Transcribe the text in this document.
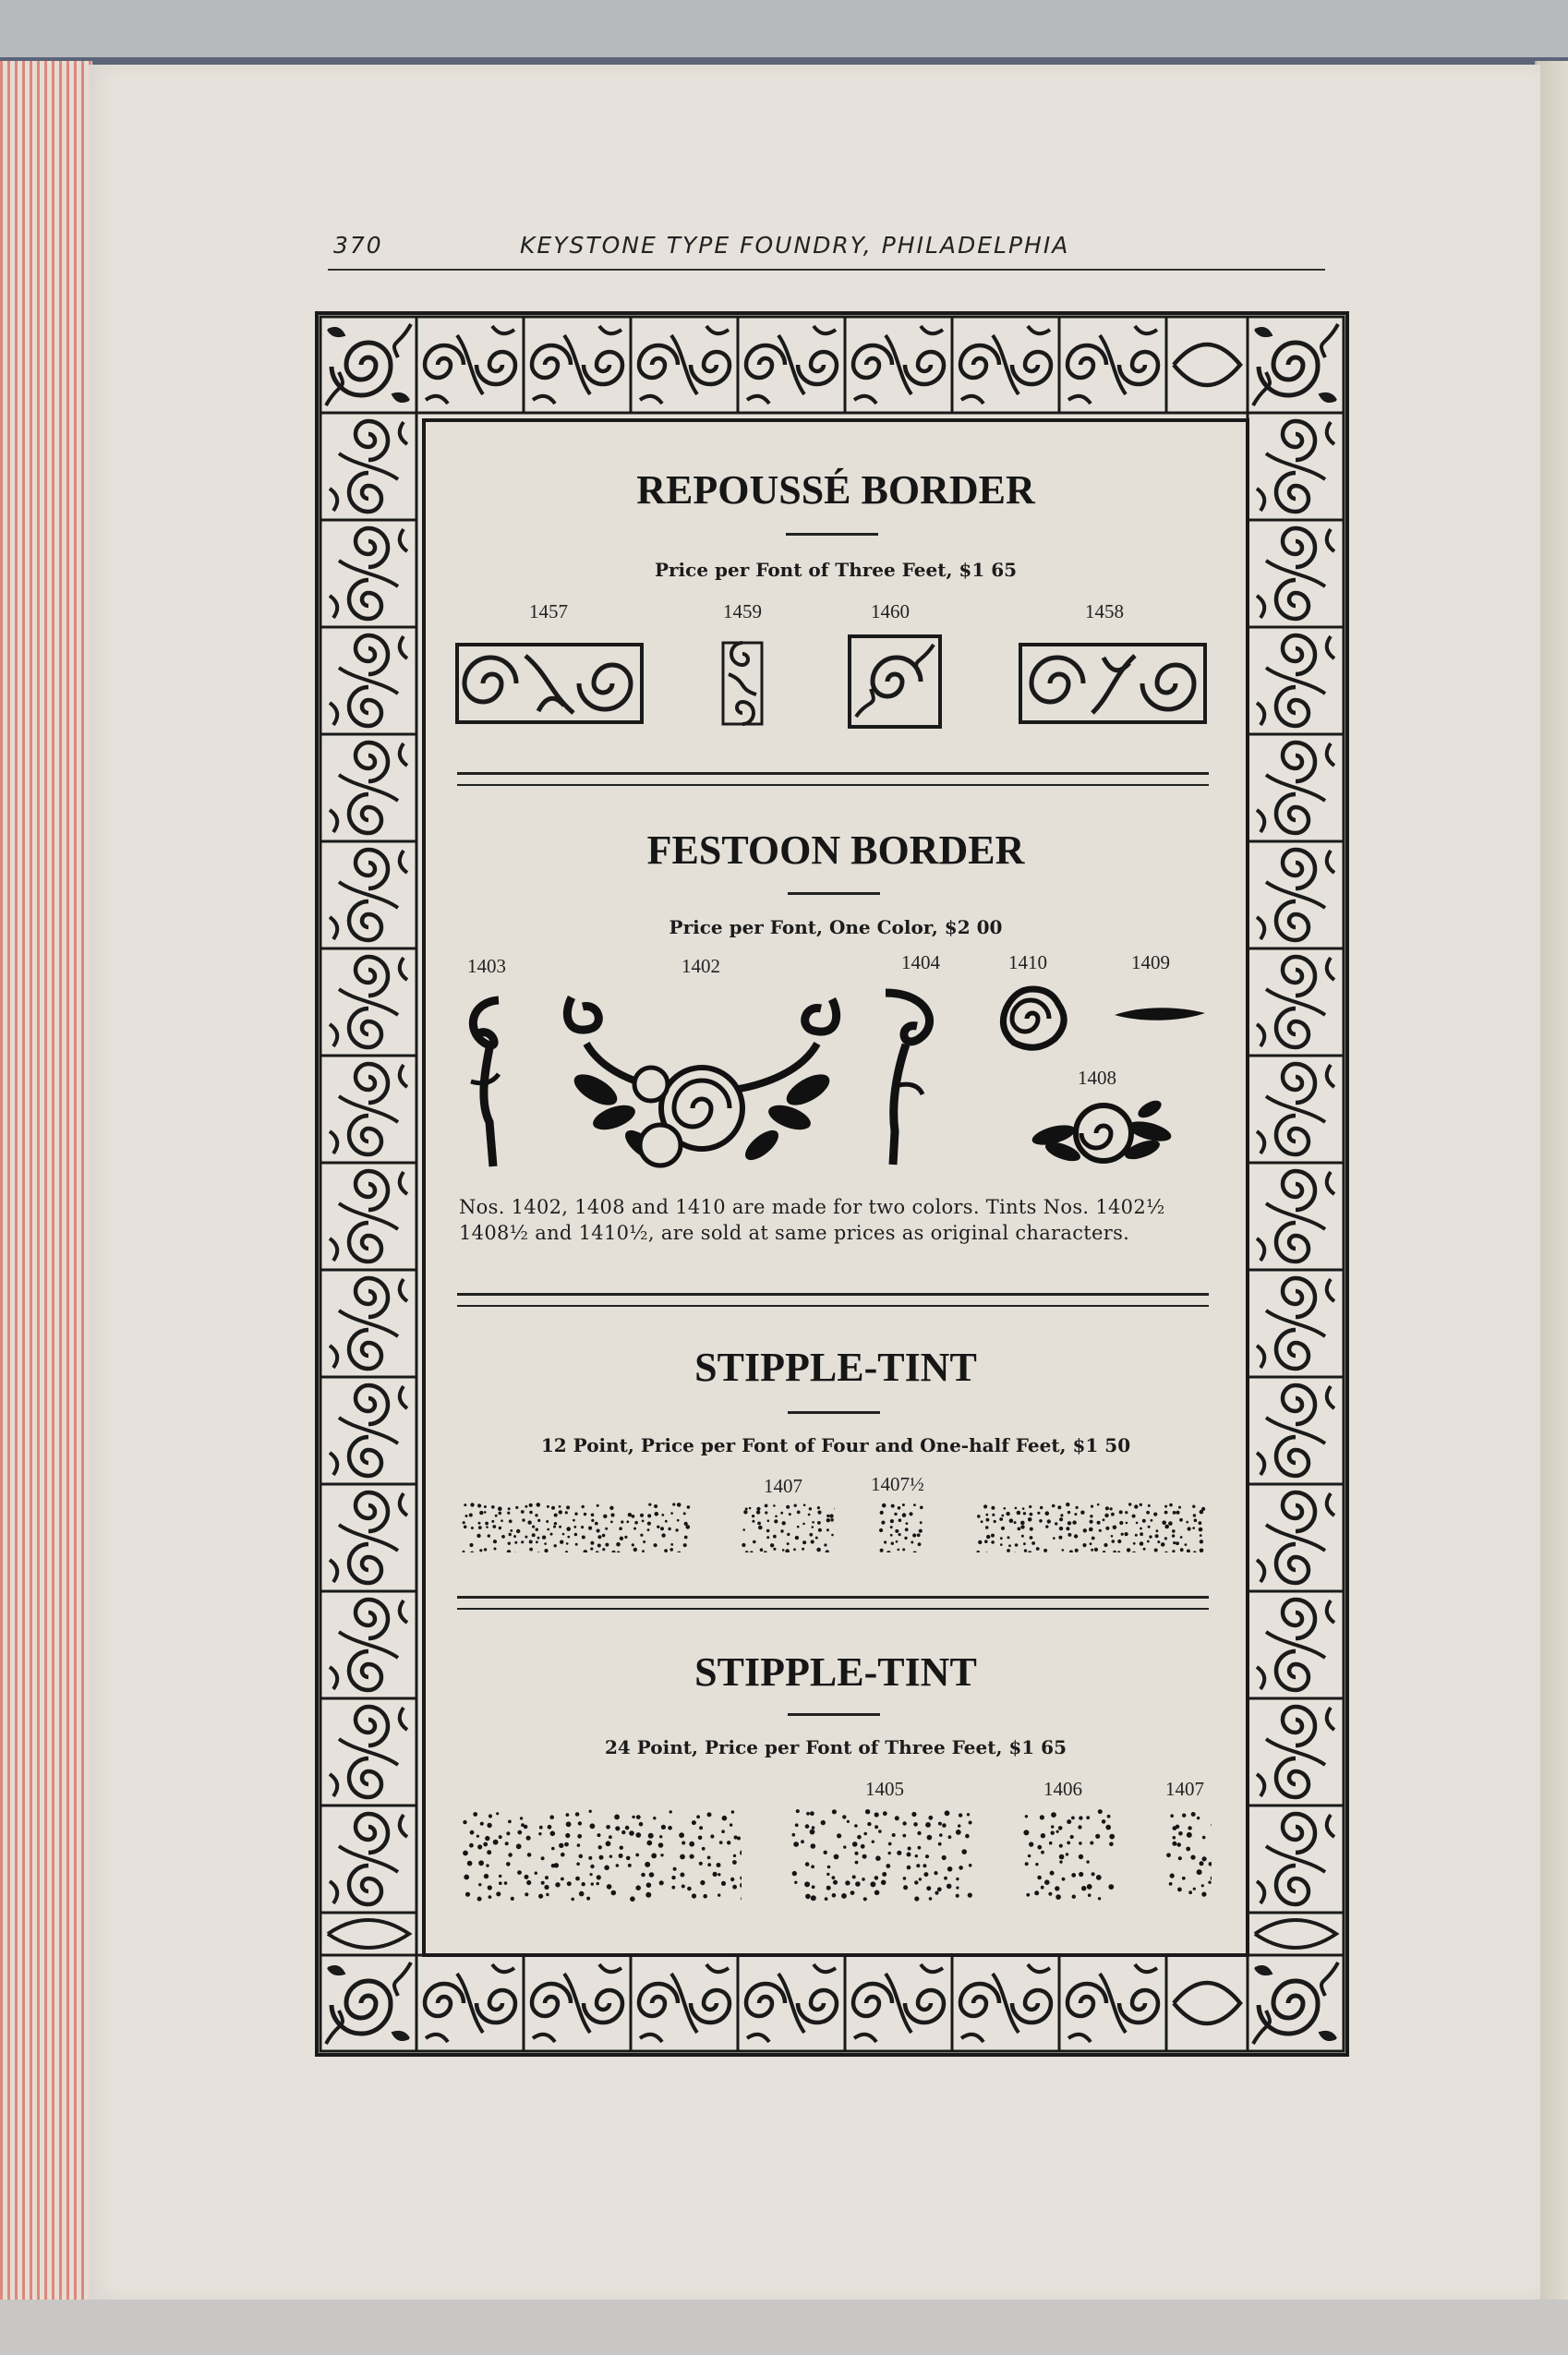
370	KEYSTONE TYPE FOUNDRY, PHILADELPHIA
REPOUSSÉ BORDER
Price per Font of Three Feet, $1 65
1457	1459	1460	1458
FESTOON BORDER
Price per Font, One Color, $2 00
1403	1402	1404	1410	1409
1408
Nos. 1402, 1408 and 1410 are made for two colors. Tints Nos. 1402½
1408½ and 1410½, are sold at same prices as original characters.
STIPPLE-TINT
12 Point, Price per Font of Four and One-half Feet, $1 50
1407	1407½
STIPPLE-TINT
24 Point, Price per Font of Three Feet, $1 65
1405	1406	1407
